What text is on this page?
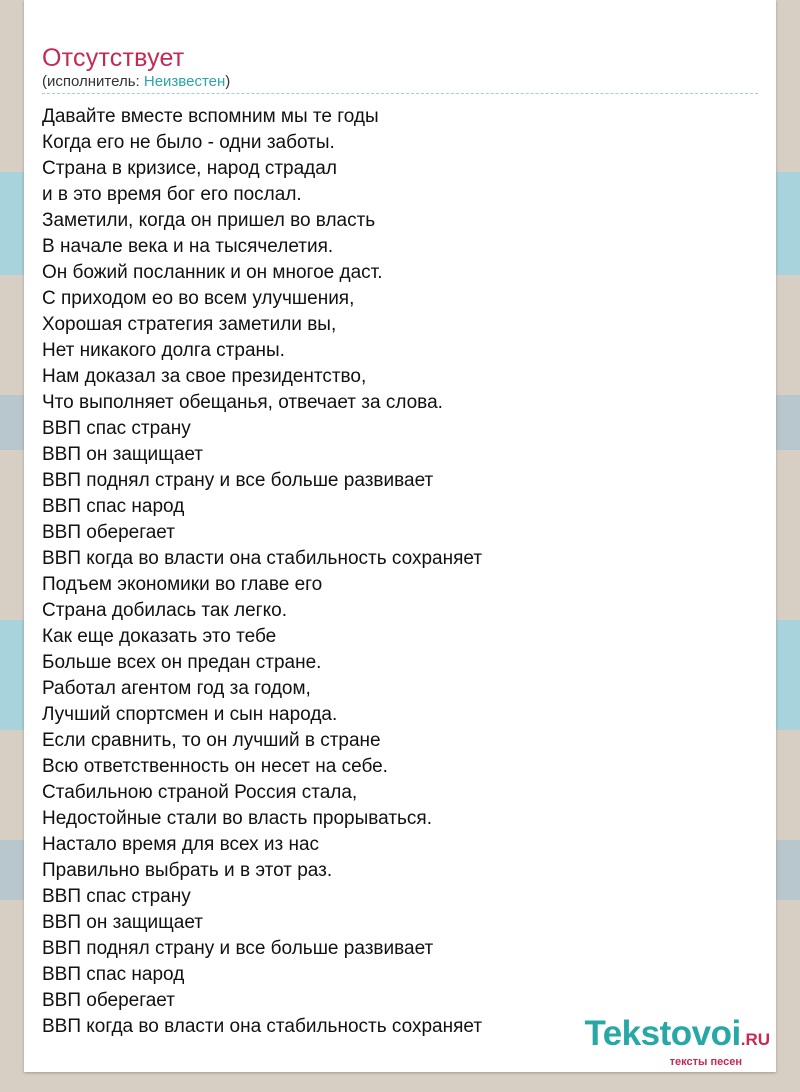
Отсутствует
(исполнитель: Неизвестен)
Давайте вместе вспомним мы те годы
Когда его не было - одни заботы.
Страна в кризисе, народ страдал
и в это время бог его послал.
Заметили, когда он пришел во власть
В начале века и на тысячелетия.
Он божий посланник и он многое даст.
С приходом ео во всем улучшения,
Хорошая стратегия заметили вы,
Нет никакого долга страны.
Нам доказал за свое президентство,
Что выполняет обещанья, отвечает за слова.
ВВП спас страну
ВВП он защищает
ВВП поднял страну и все больше развивает
ВВП спас народ
ВВП оберегает
ВВП когда во власти она стабильность сохраняет
Подъем экономики во главе его
Страна добилась так легко.
Как еще доказать это тебе
Больше всех он предан стране.
Работал агентом год за годом,
Лучший спортсмен и сын народа.
Если сравнить, то он лучший в стране
Всю ответственность он несет на себе.
Стабильною страной Россия стала,
Недостойные стали во власть прорываться.
Настало время для всех из нас
Правильно выбрать и в этот раз.
ВВП спас страну
ВВП он защищает
ВВП поднял страну и все больше развивает
ВВП спас народ
ВВП оберегает
ВВП когда во власти она стабильность сохраняет	Tekstovoi.RU
тексты песен
